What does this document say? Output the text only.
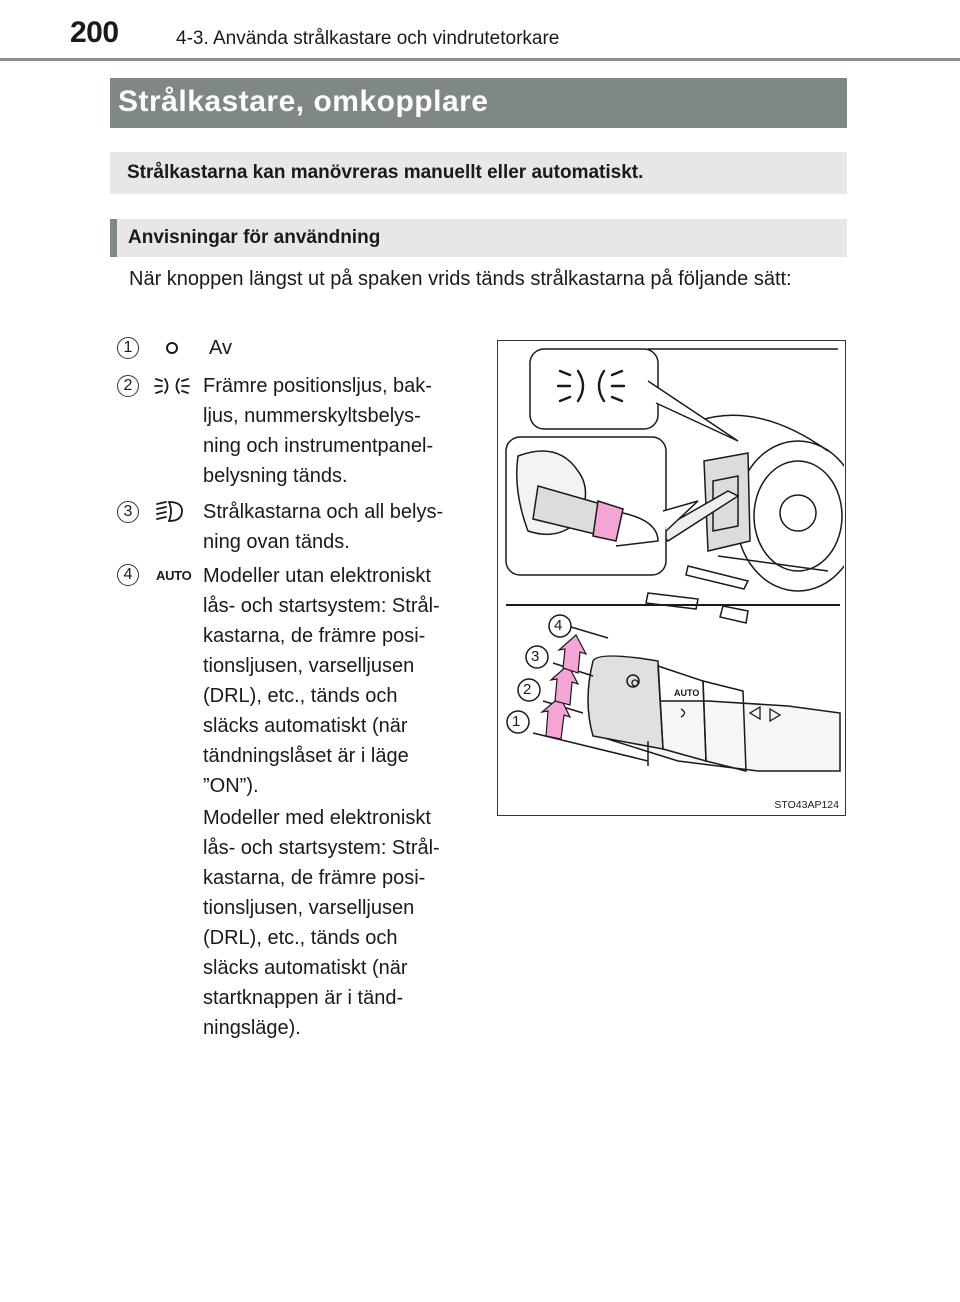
200	4-3. Använda strålkastare och vindrutetorkare
Strålkastare, omkopplare
Strålkastarna kan manövreras manuellt eller automatiskt.
Anvisningar för användning
När knoppen längst ut på spaken vrids tänds strålkastarna på följande sätt:
1	Av
2	Främre positionsljus, bak-
ljus, nummerskyltsbelys-
ning och instrumentpanel-
belysning tänds.
3	Strålkastarna och all belys-
ning ovan tänds.
4	AUTO Modeller utan elektroniskt
lås- och startsystem: Strål-
kastarna, de främre posi-
tionsljusen, varselljusen
(DRL), etc., tänds och
släcks automatiskt (när
tändningslåset är i läge
”ON”).
Modeller med elektroniskt
lås- och startsystem: Strål-
kastarna, de främre posi-
tionsljusen, varselljusen
(DRL), etc., tänds och
släcks automatiskt (när
startknappen är i tänd-
ningsläge).
1
2
3
4
AUTO
STO43AP124
